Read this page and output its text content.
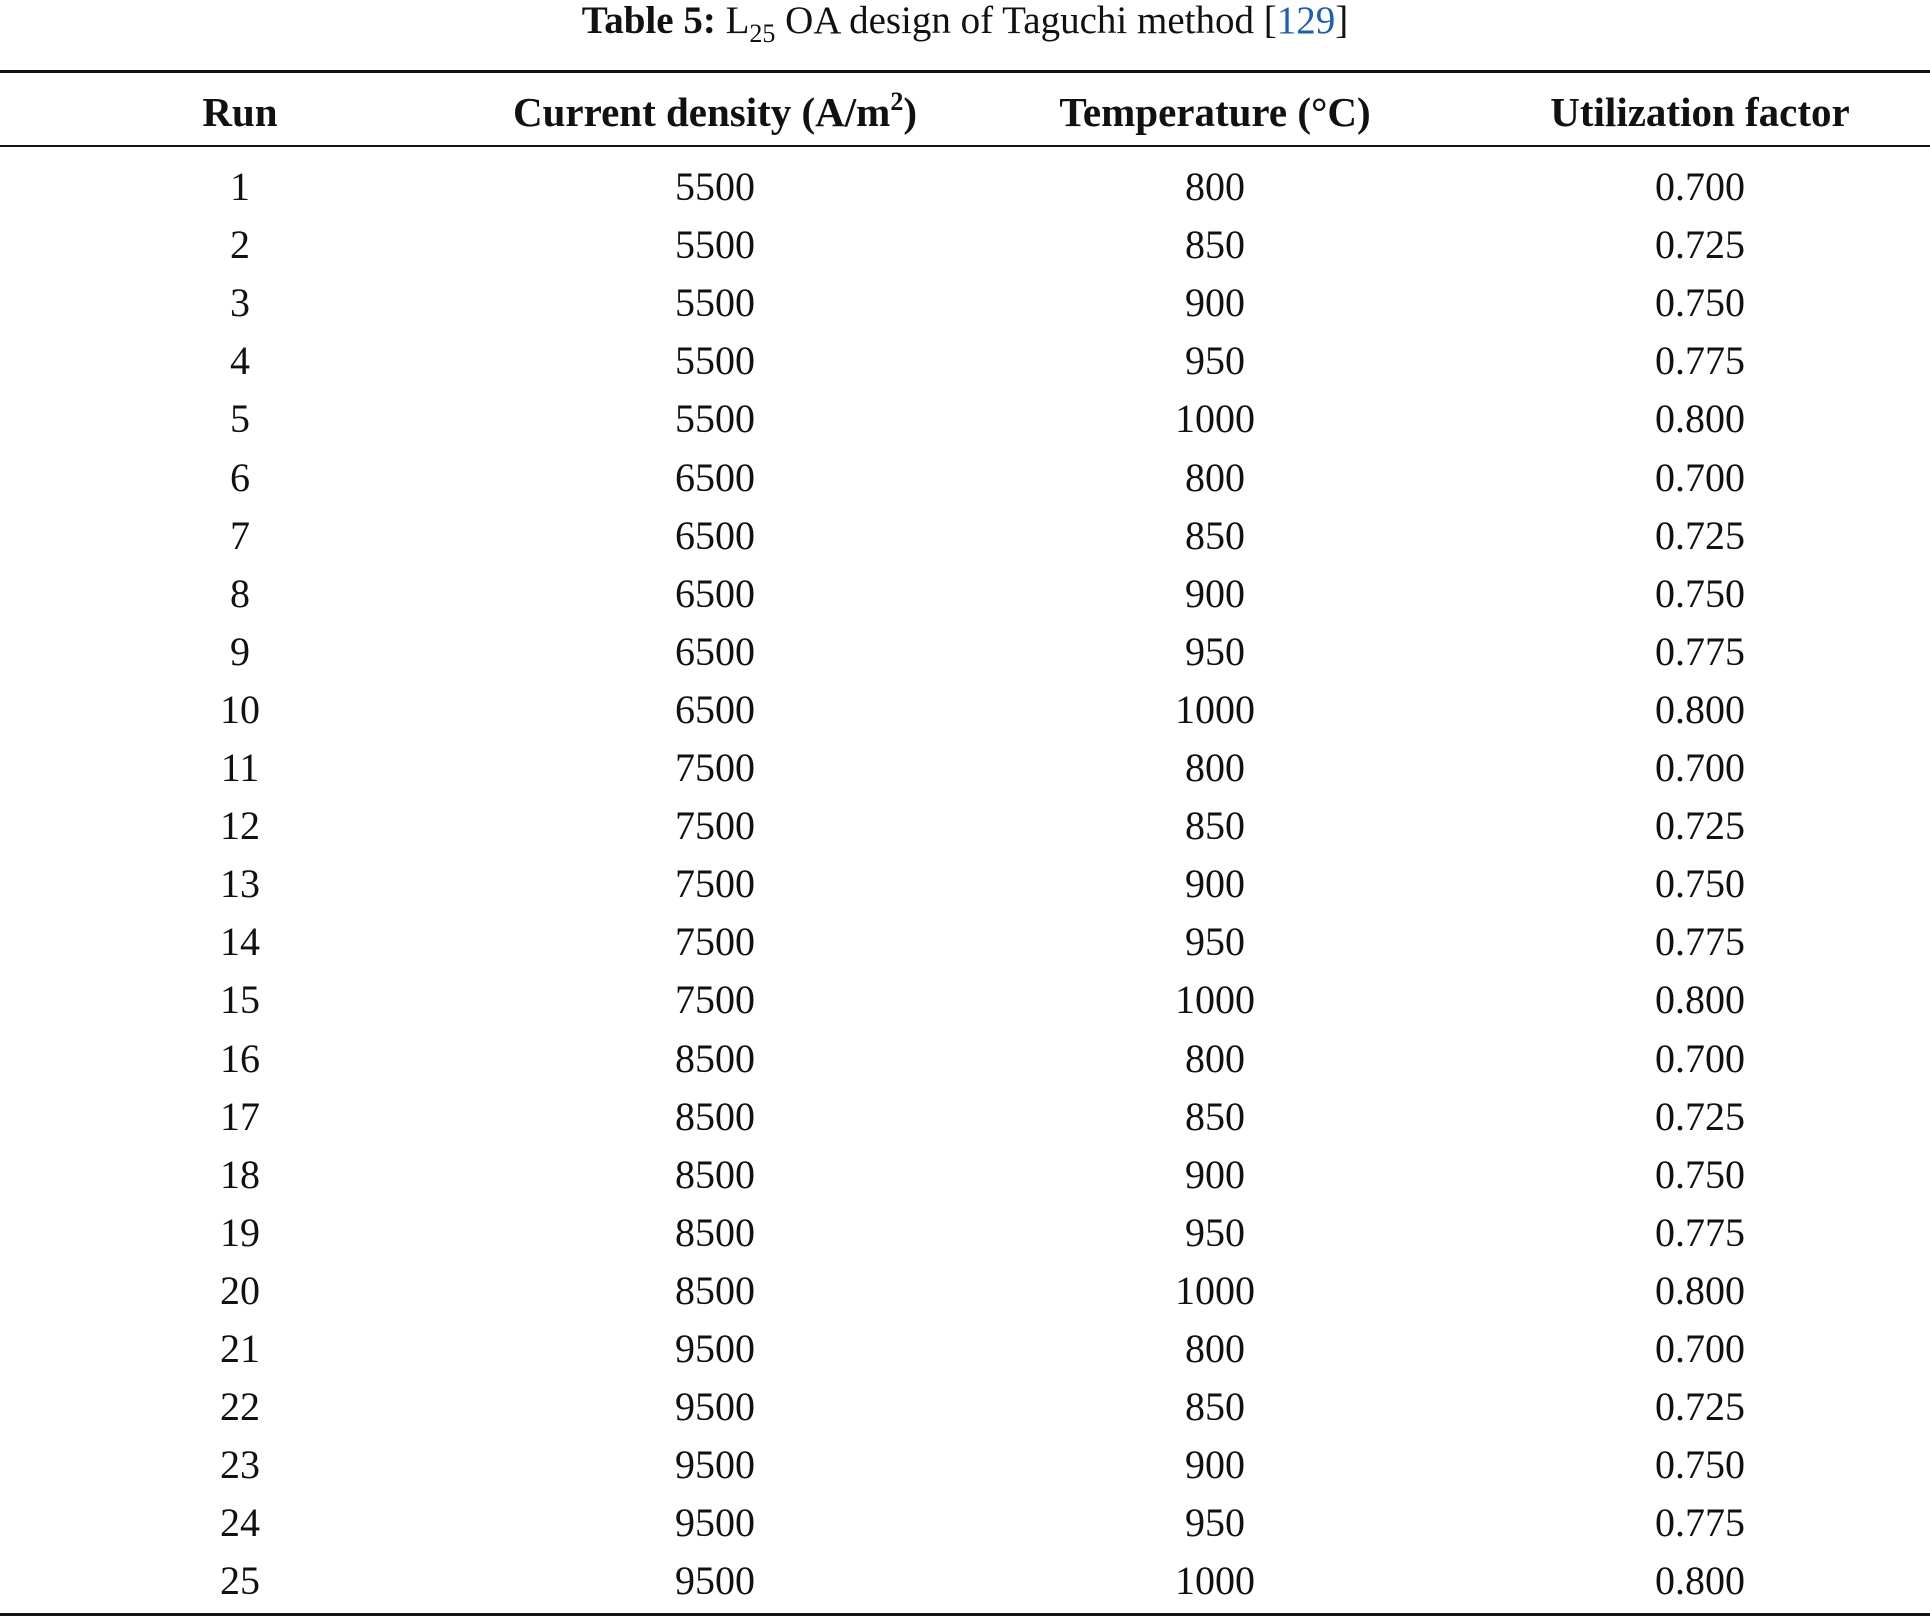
Table 5: $L_{25}$ OA design of Taguchi method [129]
Run	Current density $(A/m^2)$	Temperature (°C)	Utilization factor
1	5500	800	0.700
2	5500	850	0.725
3	5500	900	0.750
4	5500	950	0.775
5	5500	1000	0.800
6	6500	800	0.700
7	6500	850	0.725
8	6500	900	0.750
9	6500	950	0.775
10	6500	1000	0.800
11	7500	800	0.700
12	7500	850	0.725
13	7500	900	0.750
14	7500	950	0.775
15	7500	1000	0.800
16	8500	800	0.700
17	8500	850	0.725
18	8500	900	0.750
19	8500	950	0.775
20	8500	1000	0.800
21	9500	800	0.700
22	9500	850	0.725
23	9500	900	0.750
24	9500	950	0.775
25	9500	1000	0.800
